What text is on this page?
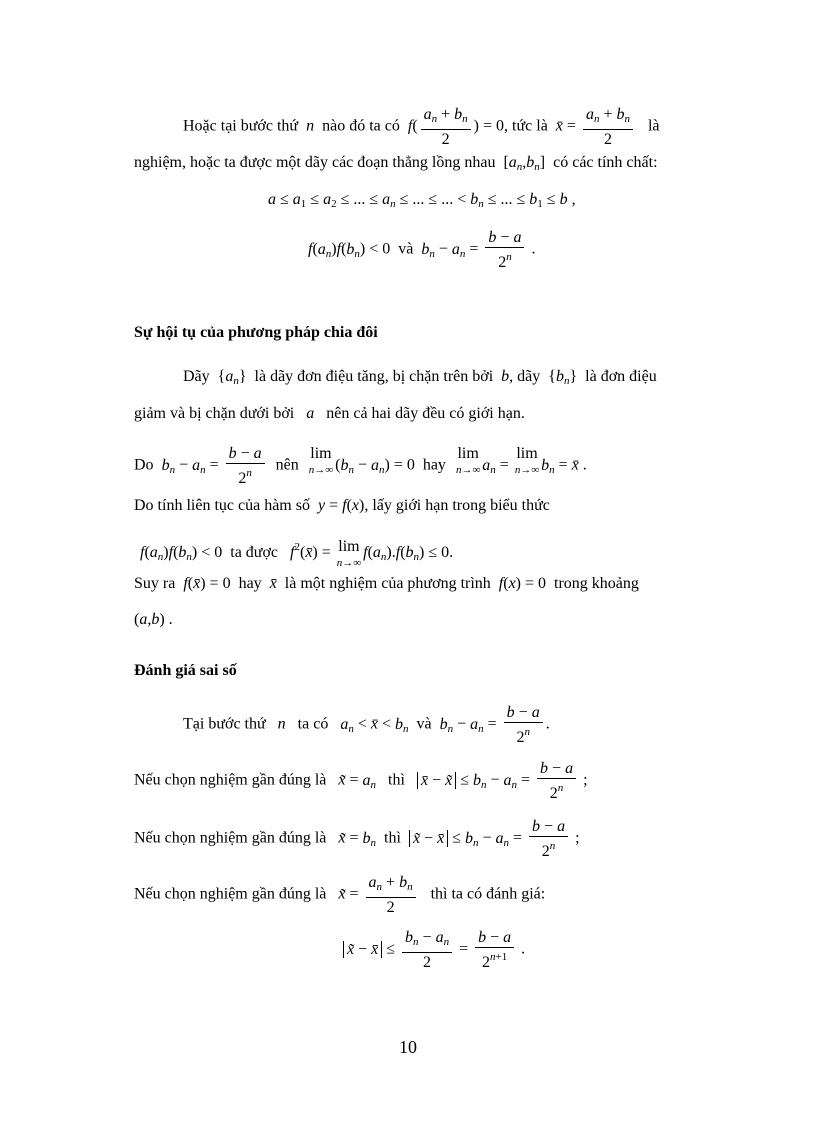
Hoặc tại bước thứ  n  nào đó ta có  $f( \frac{a_n + b_n}{2}$ ) = 0, tức là  x̄ = $\frac{a_n + b_n}{2}$ là
nghiệm, hoặc ta được một dãy các đoạn thẳng lồng nhau  $[a_n,b_n]$  có các tính chất:
$a \le a_1 \le a_2$ ≤ ... ≤ $a_n$ ≤ ... ≤ ... < $b_n$ ≤ ... ≤ $b_1 \le b$ ,
$f(a_n)f(b_n) < 0$  và $b_n - a_n = \frac{b - a}{2^n}$ .
Sự hội tụ của phương pháp chia đôi
Dãy  $\{a_n\}$  là dãy đơn điệu tăng, bị chặn trên bởi  b, dãy  $\{b_n\}$  là đơn điệu
giảm và bị chặn dưới bởi   a   nên cả hai dãy đều có giới hạn.
Do $b_n - a_n = \frac{b - a}{2^n}$ nên  lim
n→∞ $(b_n - a_n) = 0$  hay  lim
n→∞ $a_n = \lim$
n→∞ $b_n$ = x̄ .
Do tính liên tục của hàm số y = f(x), lấy giới hạn trong biểu thức
$f(a_n)f(b_n) < 0$  ta được $f^2(x̄) = \lim$
n→∞
$f(a_n).f(b_n) \le 0$.
Suy ra f(x̄) = 0  hay x̄ là một nghiệm của phương trình f(x) = 0  trong khoảng
(a,b) .
Đánh giá sai số
Tại bước thứ   n   ta có $a_n$ < x̄ < $b_n$ và $b_n - a_n = \frac{b - a}{2^n}$ .
Nếu chọn nghiệm gần đúng là x̃ = $a_n$ thì x̄ − x̃ ≤ $b_n - a_n = \frac{b - a}{2^n}$ ;
Nếu chọn nghiệm gần đúng là x̃ = $b_n$ thì x̃ − x̄ ≤ $b_n - a_n = \frac{b - a}{2^n}$ ;
Nếu chọn nghiệm gần đúng là x̃ = $\frac{a_n + b_n}{2}$ thì ta có đánh giá:
x̃ − x̄ ≤ $\frac{b_n - a_n}{2} = \frac{b - a}{2^{n+1}}$ .
10
